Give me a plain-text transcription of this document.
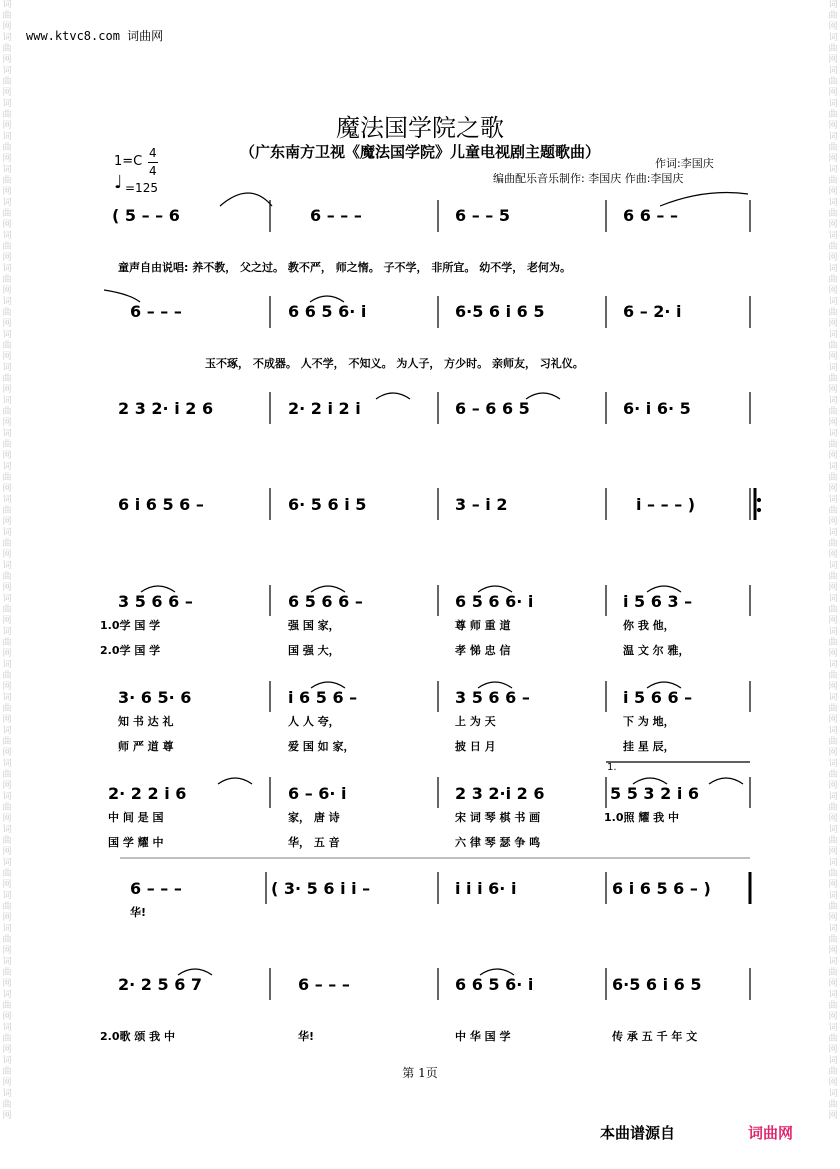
词曲网词曲网词曲网词曲网词曲网词曲网词曲网词曲网词曲网词曲网词曲网词曲网词曲网词曲网词曲网词曲网词曲网词曲网词曲网词曲网词曲网词曲网词曲网词曲网词曲网词曲网词曲网词曲网词曲网词曲网词曲网词曲网词曲网词曲网
词曲网词曲网词曲网词曲网词曲网词曲网词曲网词曲网词曲网词曲网词曲网词曲网词曲网词曲网词曲网词曲网词曲网词曲网词曲网词曲网词曲网词曲网词曲网词曲网词曲网词曲网词曲网词曲网词曲网词曲网词曲网词曲网词曲网词曲网
www.ktvc8.com 词曲网
魔法国学院之歌
（广东南方卫视《魔法国学院》儿童电视剧主题歌曲）
1=C
4
4
♩ =125
作词:李国庆
编曲配乐音乐制作: 李国庆 作曲:李国庆
( 5 – – 6	6 – – –	6 – – 5	6 6 – –
童声自由说唱: 养不教， 父之过。 教不严， 师之惰。 子不学， 非所宜。 幼不学， 老何为。
6 – – –	6 6 5 6· i	6·5 6 i 6 5	6 – 2· i
玉不琢， 不成器。 人不学， 不知义。 为人子， 方少时。 亲师友， 习礼仪。
2 3 2· i 2 6	2· 2 i 2 i	6 – 6 6 5	6· i 6· 5
6 i 6 5 6 –	6· 5 6 i 5	3 – i 2	i – – – )
3 5 6 6 –	6 5 6 6 –	6 5 6 6· i	i 5 6 3 –
1.0学 国 学	强 国 家，	尊 师 重 道	你 我 他，
2.0学 国 学	国 强 大，	孝 悌 忠 信	温 文 尔 雅，
3· 6 5· 6	i 6 5 6 –	3 5 6 6 –	i 5 6 6 –
知 书 达 礼	人 人 夸，	上 为 天	下 为 地，
师 严 道 尊	爱 国 如 家，	披 日 月	挂 星 辰，
2· 2 2 i 6	6 – 6· i	2 3 2·i 2 6
1.
5 5 3 2 i 6
中 间 是 国	家， 唐 诗	宋 词 琴 棋 书 画	1.0照 耀 我 中
国 学 耀 中	华， 五 音	六 律 琴 瑟 争 鸣
6 – – –	( 3· 5 6 i i –	i i i 6· i	6 i 6 5 6 – )
华!
2· 2 5 6 7	6 – – –	6 6 5 6· i	6·5 6 i 6 5
2.0歌 颂 我 中	华!	中 华 国 学	传 承 五 千 年 文
第 1页
本曲谱源自	词曲网
